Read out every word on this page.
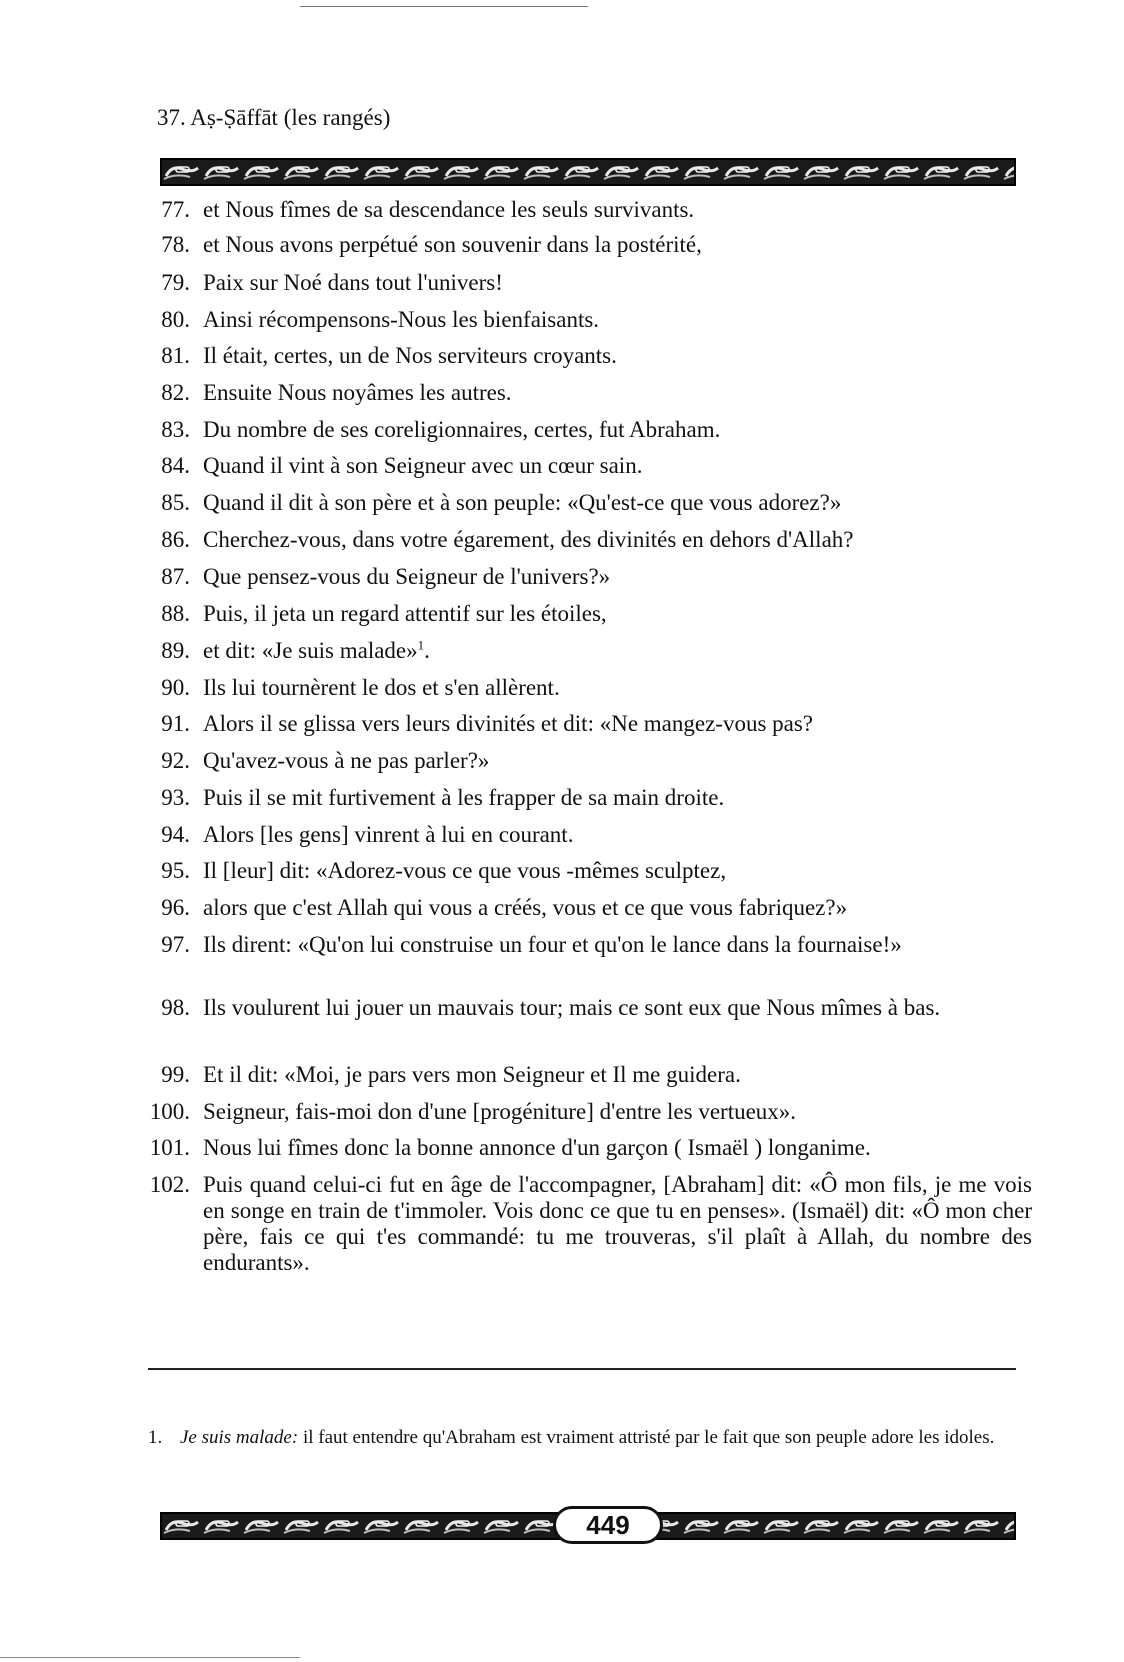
37. Aṣ-Ṣāffāt (les rangés)
77. et Nous fîmes de sa descendance les seuls survivants.
78. et Nous avons perpétué son souvenir dans la postérité,
79. Paix sur Noé dans tout l'univers!
80. Ainsi récompensons-Nous les bienfaisants.
81. Il était, certes, un de Nos serviteurs croyants.
82. Ensuite Nous noyâmes les autres.
83. Du nombre de ses coreligionnaires, certes, fut Abraham.
84. Quand il vint à son Seigneur avec un cœur sain.
85. Quand il dit à son père et à son peuple: «Qu'est-ce que vous adorez?»
86. Cherchez-vous, dans votre égarement, des divinités en dehors d'Allah?
87. Que pensez-vous du Seigneur de l'univers?»
88. Puis, il jeta un regard attentif sur les étoiles,
89. et dit: «Je suis malade»$^1$.
90. Ils lui tournèrent le dos et s'en allèrent.
91. Alors il se glissa vers leurs divinités et dit: «Ne mangez-vous pas?
92. Qu'avez-vous à ne pas parler?»
93. Puis il se mit furtivement à les frapper de sa main droite.
94. Alors [les gens] vinrent à lui en courant.
95. Il [leur] dit: «Adorez-vous ce que vous -mêmes sculptez,
96. alors que c'est Allah qui vous a créés, vous et ce que vous fabriquez?»
97. Ils dirent: «Qu'on lui construise un four et qu'on le lance dans la fournaise!»
98. Ils voulurent lui jouer un mauvais tour; mais ce sont eux que Nous mîmes à bas.
99. Et il dit: «Moi, je pars vers mon Seigneur et Il me guidera.
100. Seigneur, fais-moi don d'une [progéniture] d'entre les vertueux».
101. Nous lui fîmes donc la bonne annonce d'un garçon ( Ismaël ) longanime.
102. Puis quand celui-ci fut en âge de l'accompagner, [Abraham] dit: «Ô mon fils, je me vois en songe en train de t'immoler. Vois donc ce que tu en penses». (Ismaël) dit: «Ô mon cher père, fais ce qui t'es commandé: tu me trouveras, s'il plaît à Allah, du nombre des endurants».
1. Je suis malade: il faut entendre qu'Abraham est vraiment attristé par le fait que son peuple adore les idoles.
449
